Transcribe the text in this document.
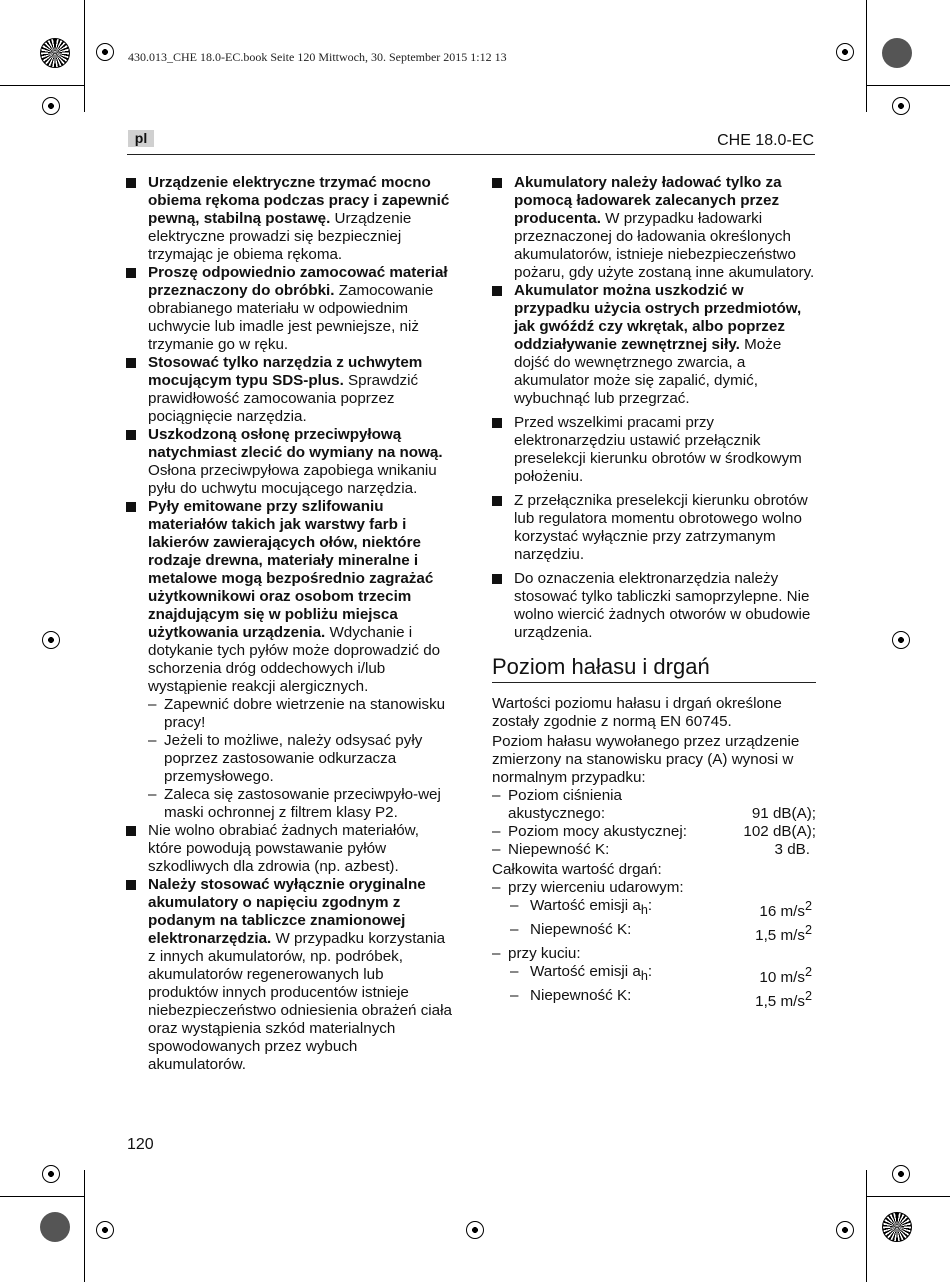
430.013_CHE 18.0-EC.book Seite 120 Mittwoch, 30. September 2015 1:12 13
pl	CHE 18.0-EC

Urządzenie elektryczne trzymać mocno obiema rękoma podczas pracy i zapewnić pewną, stabilną postawę. Urządzenie elektryczne prowadzi się bezpieczniej trzymając je obiema rękoma.

Proszę odpowiednio zamocować materiał przeznaczony do obróbki. Zamocowanie obrabianego materiału w odpowiednim uchwycie lub imadle jest pewniejsze, niż trzymanie go w ręku.

Stosować tylko narzędzia z uchwytem mocującym typu SDS-plus. Sprawdzić prawidłowość zamocowania poprzez pociągnięcie narzędzia.

Uszkodzoną osłonę przeciwpyłową natychmiast zlecić do wymiany na nową. Osłona przeciwpyłowa zapobiega wnikaniu pyłu do uchwytu mocującego narzędzia.

Pyły emitowane przy szlifowaniu materiałów takich jak warstwy farb i lakierów zawierających ołów, niektóre rodzaje drewna, materiały mineralne i metalowe mogą bezpośrednio zagrażać użytkownikowi oraz osobom trzecim znajdującym się w pobliżu miejsca użytkowania urządzenia. Wdychanie i dotykanie tych pyłów może doprowadzić do schorzenia dróg oddechowych i/lub wystąpienie reakcji alergicznych.

– Zapewnić dobre wietrzenie na stanowisku pracy!

– Jeżeli to możliwe, należy odsysać pyły poprzez zastosowanie odkurzacza przemysłowego.

– Zaleca się zastosowanie przeciwpyło-wej maski ochronnej z filtrem klasy P2.

Nie wolno obrabiać żadnych materiałów, które powodują powstawanie pyłów szkodliwych dla zdrowia (np. azbest).

Należy stosować wyłącznie oryginalne akumulatory o napięciu zgodnym z podanym na tabliczce znamionowej elektronarzędzia. W przypadku korzystania z innych akumulatorów, np. podróbek, akumulatorów regenerowanych lub produktów innych producentów istnieje niebezpieczeństwo odniesienia obrażeń ciała oraz wystąpienia szkód materialnych spowodowanych przez wybuch akumulatorów.

Akumulatory należy ładować tylko za pomocą ładowarek zalecanych przez producenta. W przypadku ładowarki przeznaczonej do ładowania określonych akumulatorów, istnieje niebezpieczeństwo pożaru, gdy użyte zostaną inne akumulatory.

Akumulator można uszkodzić w przypadku użycia ostrych przedmiotów, jak gwóźdź czy wkrętak, albo poprzez oddziaływanie zewnętrznej siły. Może dojść do wewnętrznego zwarcia, a akumulator może się zapalić, dymić, wybuchnąć lub przegrzać.

Przed wszelkimi pracami przy elektronarzędziu ustawić przełącznik preselekcji kierunku obrotów w środkowym położeniu.

Z przełącznika preselekcji kierunku obrotów lub regulatora momentu obrotowego wolno korzystać wyłącznie przy zatrzymanym narzędziu.

Do oznaczenia elektronarzędzia należy stosować tylko tabliczki samoprzylepne. Nie wolno wiercić żadnych otworów w obudowie urządzenia.

Poziom hałasu i drgań

Wartości poziomu hałasu i drgań określone zostały zgodnie z normą EN 60745.

Poziom hałasu wywołanego przez urządzenie zmierzony na stanowisku pracy (A) wynosi w normalnym przypadku:

– Poziom ciśnienia akustycznego:	91 dB(A);
– Poziom mocy akustycznej:	102 dB(A);
– Niepewność K:	3 dB.

Całkowita wartość drgań:

– przy wierceniu udarowym:
– Wartość emisji $a_h$:	16 $m/s^2$
– Niepewność K:	1,5 $m/s^2$
– przy kuciu:
– Wartość emisji $a_h$:	10 $m/s^2$
– Niepewność K:	1,5 $m/s^2$
120
